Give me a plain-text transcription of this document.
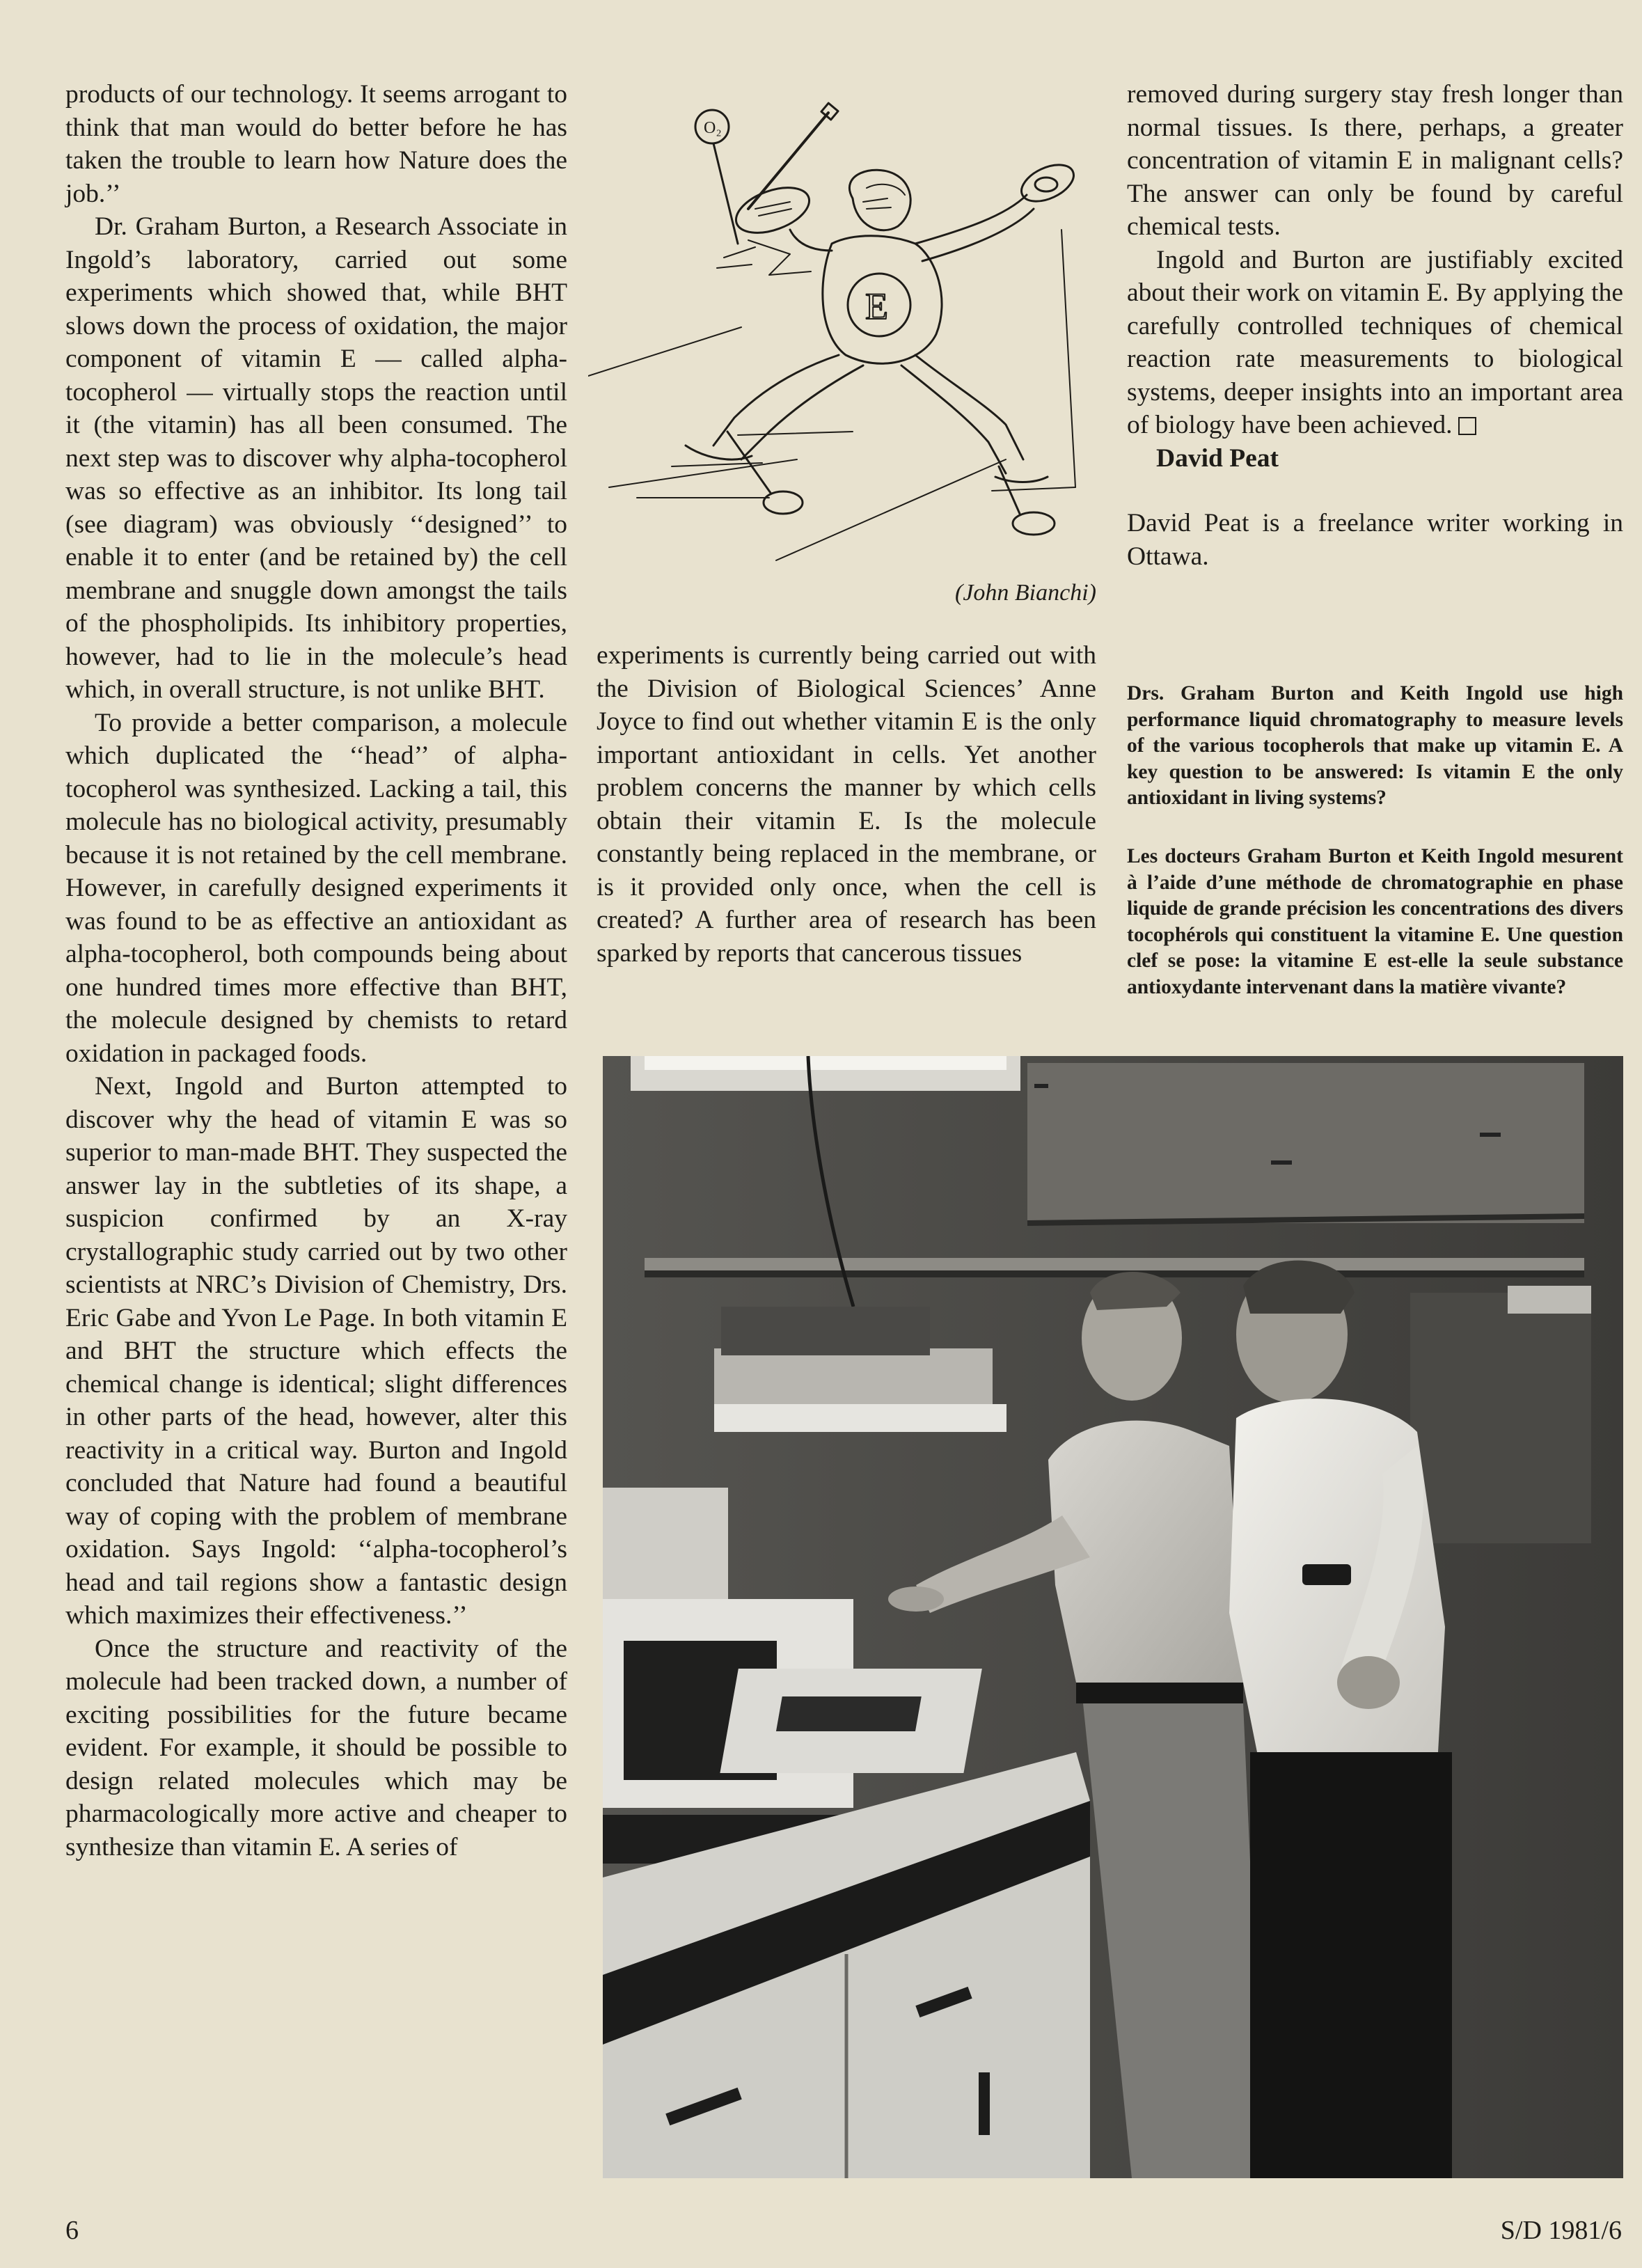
products of our technology. It seems arrogant to think that man would do better before he has taken the trouble to learn how Nature does the job.’’

Dr. Graham Burton, a Research Associate in Ingold’s laboratory, carried out some experiments which showed that, while BHT slows down the process of oxidation, the major component of vitamin E — called alpha-tocopherol — virtually stops the reaction until it (the vitamin) has all been consumed. The next step was to discover why alpha-tocopherol was so effective as an inhibitor. Its long tail (see diagram) was obviously ‘‘designed’’ to enable it to enter (and be retained by) the cell membrane and snuggle down amongst the tails of the phospholipids. Its inhibitory properties, however, had to lie in the molecule’s head which, in overall structure, is not unlike BHT.

To provide a better comparison, a molecule which duplicated the ‘‘head’’ of alpha-tocopherol was synthesized. Lacking a tail, this molecule has no biological activity, presumably because it is not retained by the cell membrane. However, in carefully designed experiments it was found to be as effective an antioxidant as alpha-tocopherol, both compounds being about one hundred times more effective than BHT, the molecule designed by chemists to retard oxidation in packaged foods.

Next, Ingold and Burton attempted to discover why the head of vitamin E was so superior to man-made BHT. They suspected the answer lay in the subtleties of its shape, a suspicion confirmed by an X-ray crystallographic study carried out by two other scientists at NRC’s Division of Chemistry, Drs. Eric Gabe and Yvon Le Page. In both vitamin E and BHT the structure which effects the chemical change is identical; slight differences in other parts of the head, however, alter this reactivity in a critical way. Burton and Ingold concluded that Nature had found a beautiful way of coping with the problem of membrane oxidation. Says Ingold: ‘‘alpha-tocopherol’s head and tail regions show a fantastic design which maximizes their effectiveness.’’

Once the structure and reactivity of the molecule had been tracked down, a number of exciting possibilities for the future became evident. For example, it should be possible to design related molecules which may be pharmacologically more active and cheaper to synthesize than vitamin E. A series of

O₂
E
(John Bianchi)

experiments is currently being carried out with the Division of Biological Sciences’ Anne Joyce to find out whether vitamin E is the only important antioxidant in cells. Yet another problem concerns the manner by which cells obtain their vitamin E. Is the molecule constantly being replaced in the membrane, or is it provided only once, when the cell is created? A further area of research has been sparked by reports that cancerous tissues

removed during surgery stay fresh longer than normal tissues. Is there, perhaps, a greater concentration of vitamin E in malignant cells? The answer can only be found by careful chemical tests.

Ingold and Burton are justifiably excited about their work on vitamin E. By applying the carefully controlled techniques of chemical reaction rate measurements to biological systems, deeper insights into an important area of biology have been achieved.

David Peat

David Peat is a freelance writer working in Ottawa.

Drs. Graham Burton and Keith Ingold use high performance liquid chromatography to measure levels of the various tocopherols that make up vitamin E. A key question to be answered: Is vitamin E the only antioxidant in living systems?
Les docteurs Graham Burton et Keith Ingold mesurent à l’aide d’une méthode de chromatographie en phase liquide de grande précision les concentrations des divers tocophérols qui constituent la vitamine E. Une question clef se pose: la vitamine E est-elle la seule substance antioxydante intervenant dans la matière vivante?
6	S/D 1981/6
